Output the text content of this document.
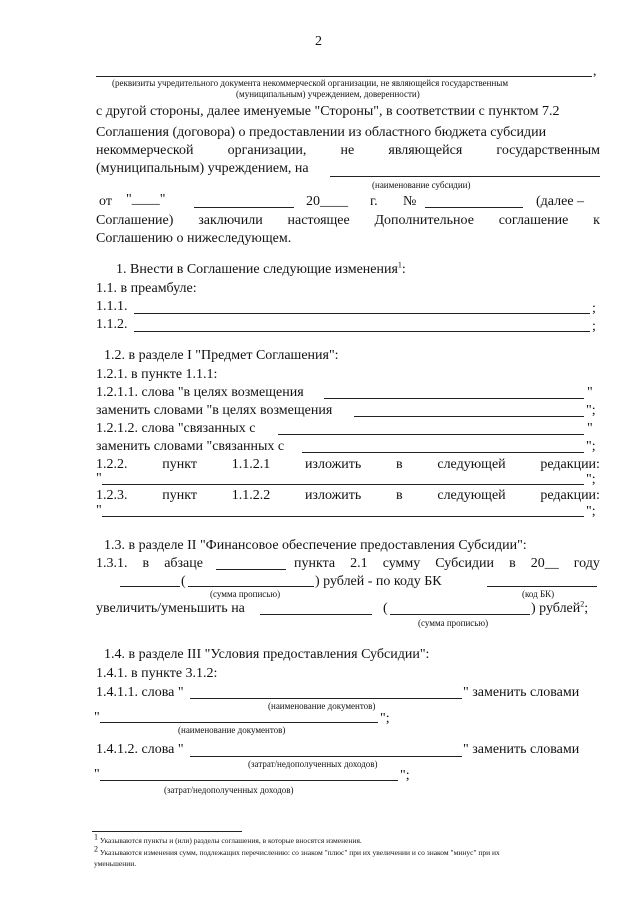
2
,
(реквизиты учредительного документа некоммерческой организации, не являющейся государственным
(муниципальным) учреждением, доверенности)
с другой стороны, далее именуемые "Стороны", в соответствии с пунктом 7.2
Соглашения (договора) о предоставлении из областного бюджета субсидии
некоммерческой организации, не являющейся государственным
(муниципальным) учреждением, на
(наименование субсидии)
от "____"	20____ г. №	(далее –
Соглашение) заключили настоящее Дополнительное соглашение к
Соглашению о нижеследующем.
1. Внести в Соглашение следующие изменения$^1$:
1.1. в преамбуле:
1.1.1.	;
1.1.2.	;
1.2. в разделе I "Предмет Соглашения":
1.2.1. в пункте 1.1.1:
1.2.1.1. слова "в целях возмещения	"
заменить словами "в целях возмещения	";
1.2.1.2. слова "связанных с	"
заменить словами "связанных с	";
1.2.2. пункт 1.1.2.1 изложить в следующей редакции:
"	";
1.2.3. пункт 1.1.2.2 изложить в следующей редакции:
"	";
1.3. в разделе II "Финансовое обеспечение предоставления Субсидии":
1.3.1. в абзаце	пункта 2.1 сумму Субсидии в 20__ году
(	) рублей - по коду БК
(сумма прописью)	(код БК)
увеличить/уменьшить на	(	) рублей$^2$;
(сумма прописью)
1.4. в разделе III "Условия предоставления Субсидии":
1.4.1. в пункте 3.1.2:
1.4.1.1. слова "	" заменить словами
(наименование документов)
"	";
(наименование документов)
1.4.1.2. слова "	" заменить словами
(затрат/недополученных доходов)
"	";
(затрат/недополученных доходов)
$^1$ Указываются пункты и (или) разделы соглашения, в которые вносятся изменения.
$^2$ Указываются изменения сумм, подлежащих перечислению: со знаком "плюс" при их увеличении и со знаком "минус" при их
уменьшении.
